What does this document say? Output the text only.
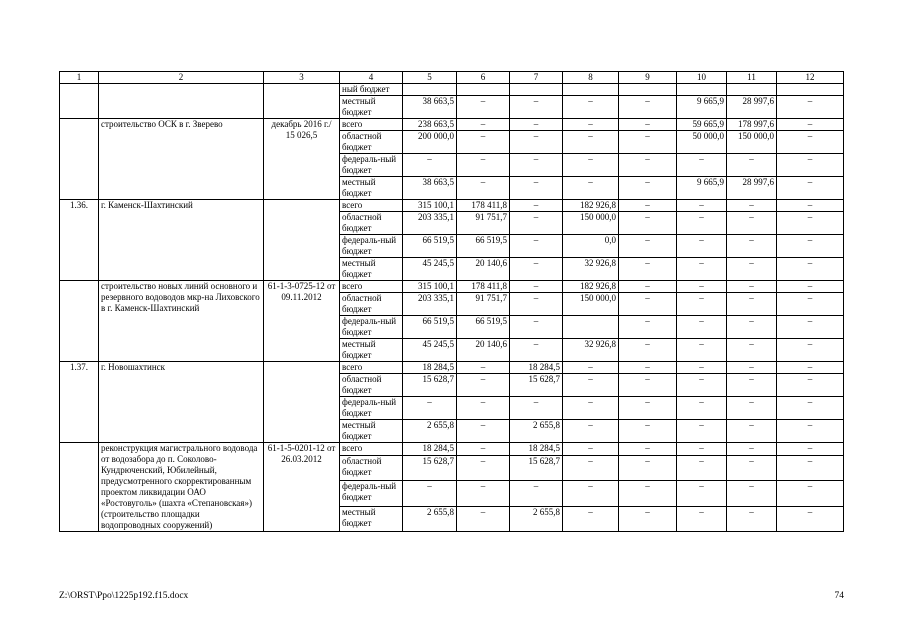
1	2	3	4	5	6	7	8	9	10	11	12
			ный бюджет								
			местный бюджет	38 663,5	–	–	–	–	9 665,9	28 997,6	–
	строительство ОСК в г. Зверево	декабрь 2016 г./ 15 026,5	всего	238 663,5	–	–	–	–	59 665,9	178 997,6	–
			областной бюджет	200 000,0	–	–	–	–	50 000,0	150 000,0	–
			федераль-ный бюджет	–	–	–	–	–	–	–	–
			местный бюджет	38 663,5	–	–	–	–	9 665,9	28 997,6	–
1.36.	г. Каменск-Шахтинский		всего	315 100,1	178 411,8	–	182 926,8	–	–	–	–
			областной бюджет	203 335,1	91 751,7	–	150 000,0	–	–	–	–
			федераль-ный бюджет	66 519,5	66 519,5	–	0,0	–	–	–	–
			местный бюджет	45 245,5	20 140,6	–	32 926,8	–	–	–	–
	строительство новых линий основного и резервного водоводов мкр-на Лиховского в г. Каменск-Шахтинский	61-1-3-0725-12 от 09.11.2012	всего	315 100,1	178 411,8	–	182 926,8	–	–	–	–
			областной бюджет	203 335,1	91 751,7	–	150 000,0	–	–	–	–
			федераль-ный бюджет	66 519,5	66 519,5	–		–	–	–	–
			местный бюджет	45 245,5	20 140,6	–	32 926,8	–	–	–	–
1.37.	г. Новошахтинск		всего	18 284,5	–	18 284,5	–	–	–	–	–
			областной бюджет	15 628,7	–	15 628,7	–	–	–	–	–
			федераль-ный бюджет	–	–	–	–	–	–	–	–
			местный бюджет	2 655,8	–	2 655,8	–	–	–	–	–
	реконструкция магистрального водовода от водозабора до п. Соколово-Кундрюченский, Юбилейный, предусмотренного скорректированным проектом ликвидации ОАО «Ростовуголь» (шахта «Степановская») (строительство площадки водопроводных сооружений)	61-1-5-0201-12 от 26.03.2012	всего	18 284,5	–	18 284,5	–	–	–	–	–
			областной бюджет	15 628,7	–	15 628,7	–	–	–	–	–
			федераль-ный бюджет	–	–	–	–	–	–	–	–
			местный бюджет	2 655,8	–	2 655,8	–	–	–	–	–
Z:\ORST\Ppo\1225p192.f15.docx	74
